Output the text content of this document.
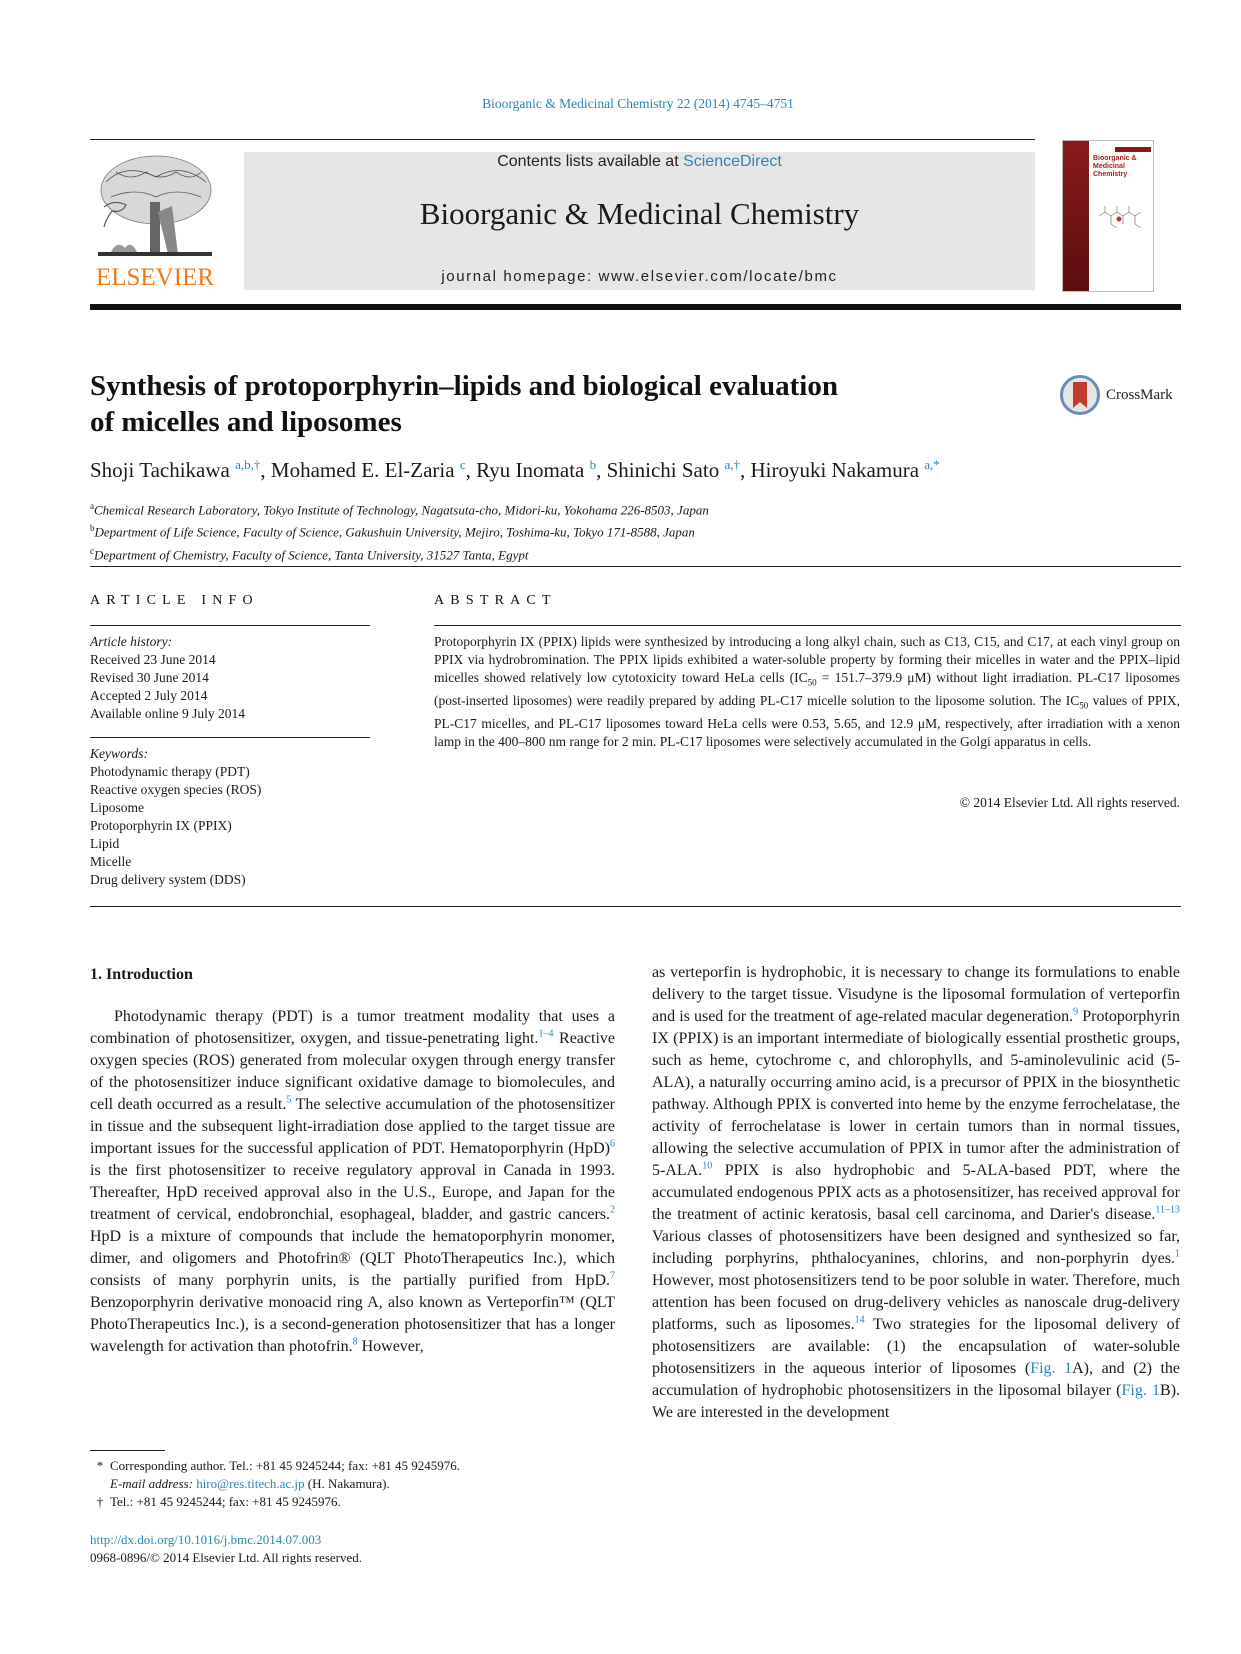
Bioorganic & Medicinal Chemistry 22 (2014) 4745–4751
ELSEVIER
Contents lists available at ScienceDirect
Bioorganic & Medicinal Chemistry
journal homepage: www.elsevier.com/locate/bmc
Bioorganic & Medicinal Chemistry
Synthesis of protoporphyrin–lipids and biological evaluation
of micelles and liposomes
CrossMark
Shoji Tachikawa $^{a,b,\dagger}$, Mohamed E. El-Zaria $^c$, Ryu Inomata $^b$, Shinichi Sato $^{a,\dagger}$, Hiroyuki Nakamura $^{a,*}$
$^a$Chemical Research Laboratory, Tokyo Institute of Technology, Nagatsuta-cho, Midori-ku, Yokohama 226-8503, Japan
$^b$Department of Life Science, Faculty of Science, Gakushuin University, Mejiro, Toshima-ku, Tokyo 171-8588, Japan
$^c$Department of Chemistry, Faculty of Science, Tanta University, 31527 Tanta, Egypt
ARTICLE INFO
Article history:
Received 23 June 2014
Revised 30 June 2014
Accepted 2 July 2014
Available online 9 July 2014
Keywords:
Photodynamic therapy (PDT)
Reactive oxygen species (ROS)
Liposome
Protoporphyrin IX (PPIX)
Lipid
Micelle
Drug delivery system (DDS)
ABSTRACT
Protoporphyrin IX (PPIX) lipids were synthesized by introducing a long alkyl chain, such as C13, C15, and C17, at each vinyl group on PPIX via hydrobromination. The PPIX lipids exhibited a water-soluble property by forming their micelles in water and the PPIX–lipid micelles showed relatively low cytotoxicity toward HeLa cells ($IC_{50} = 151.7-379.9$ μM) without light irradiation. PL-C17 liposomes (post-inserted liposomes) were readily prepared by adding PL-C17 micelle solution to the liposome solution. The $IC_{50}$ values of PPIX, PL-C17 micelles, and PL-C17 liposomes toward HeLa cells were 0.53, 5.65, and 12.9 μM, respectively, after irradiation with a xenon lamp in the 400–800 nm range for 2 min. PL-C17 liposomes were selectively accumulated in the Golgi apparatus in cells.
© 2014 Elsevier Ltd. All rights reserved.
1. Introduction
Photodynamic therapy (PDT) is a tumor treatment modality that uses a combination of photosensitizer, oxygen, and tissue-penetrating light.$^{1-4}$ Reactive oxygen species (ROS) generated from molecular oxygen through energy transfer of the photosensitizer induce significant oxidative damage to biomolecules, and cell death occurred as a result.$^5$ The selective accumulation of the photosensitizer in tissue and the subsequent light-irradiation dose applied to the target tissue are important issues for the successful application of PDT. Hematoporphyrin (HpD)$^6$ is the first photosensitizer to receive regulatory approval in Canada in 1993. Thereafter, HpD received approval also in the U.S., Europe, and Japan for the treatment of cervical, endobronchial, esophageal, bladder, and gastric cancers.$^2$ HpD is a mixture of compounds that include the hematoporphyrin monomer, dimer, and oligomers and Photofrin® (QLT PhotoTherapeutics Inc.), which consists of many porphyrin units, is the partially purified from HpD.$^7$ Benzoporphyrin derivative monoacid ring A, also known as Verteporfin™ (QLT PhotoTherapeutics Inc.), is a second-generation photosensitizer that has a longer wavelength for activation than photofrin.$^8$ However,
as verteporfin is hydrophobic, it is necessary to change its formulations to enable delivery to the target tissue. Visudyne is the liposomal formulation of verteporfin and is used for the treatment of age-related macular degeneration.$^9$ Protoporphyrin IX (PPIX) is an important intermediate of biologically essential prosthetic groups, such as heme, cytochrome c, and chlorophylls, and 5-aminolevulinic acid (5-ALA), a naturally occurring amino acid, is a precursor of PPIX in the biosynthetic pathway. Although PPIX is converted into heme by the enzyme ferrochelatase, the activity of ferrochelatase is lower in certain tumors than in normal tissues, allowing the selective accumulation of PPIX in tumor after the administration of 5-ALA.$^{10}$ PPIX is also hydrophobic and 5-ALA-based PDT, where the accumulated endogenous PPIX acts as a photosensitizer, has received approval for the treatment of actinic keratosis, basal cell carcinoma, and Darier's disease.$^{11-13}$ Various classes of photosensitizers have been designed and synthesized so far, including porphyrins, phthalocyanines, chlorins, and non-porphyrin dyes.$^1$ However, most photosensitizers tend to be poor soluble in water. Therefore, much attention has been focused on drug-delivery vehicles as nanoscale drug-delivery platforms, such as liposomes.$^{14}$ Two strategies for the liposomal delivery of photosensitizers are available: (1) the encapsulation of water-soluble photosensitizers in the aqueous interior of liposomes (Fig. 1A), and (2) the accumulation of hydrophobic photosensitizers in the liposomal bilayer (Fig. 1B). We are interested in the development
* Corresponding author. Tel.: +81 45 9245244; fax: +81 45 9245976.
E-mail address: hiro@res.titech.ac.jp (H. Nakamura).
† Tel.: +81 45 9245244; fax: +81 45 9245976.
http://dx.doi.org/10.1016/j.bmc.2014.07.003
0968-0896/© 2014 Elsevier Ltd. All rights reserved.
